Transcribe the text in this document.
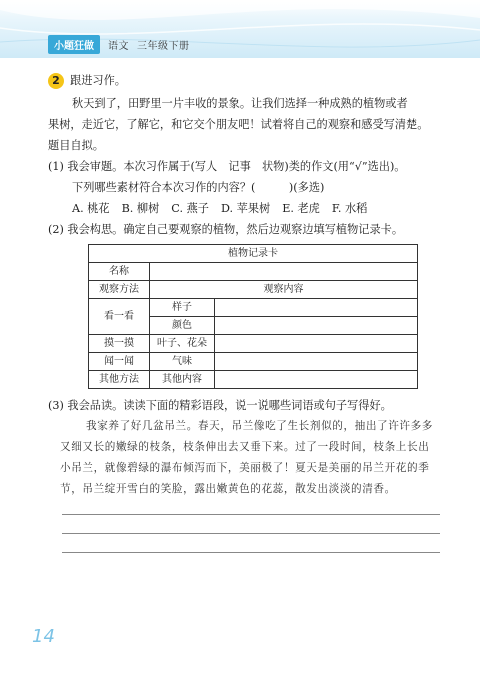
小题狂做	语文 三年级下册
2 跟进习作。

秋天到了，田野里一片丰收的景象。让我们选择一种成熟的植物或者

果树，走近它，了解它，和它交个朋友吧！试着将自己的观察和感受写清楚。

题目自拟。

(1) 我会审题。本次习作属于(写人　记事　状物)类的作文(用“√”选出)。

下列哪些素材符合本次习作的内容？(　　　)(多选)

A. 桃花 B. 柳树 C. 燕子 D. 苹果树 E. 老虎 F. 水稻

(2) 我会构思。确定自己要观察的植物，然后边观察边填写植物记录卡。

植物记录卡		
名称		
观察方法	观察内容	
看一看	样子	
	颜色	
摸一摸	叶子、花朵	
闻一闻	气味	
其他方法	其他内容	

(3) 我会品读。读读下面的精彩语段，说一说哪些词语或句子写得好。

我家养了好几盆吊兰。春天，吊兰像吃了生长剂似的，抽出了许许多多又细又长的嫩绿的枝条，枝条伸出去又垂下来。过了一段时间，枝条上长出小吊兰，就像碧绿的瀑布倾泻而下，美丽极了！夏天是美丽的吊兰开花的季节，吊兰绽开雪白的笑脸，露出嫩黄色的花蕊，散发出淡淡的清香。

14
